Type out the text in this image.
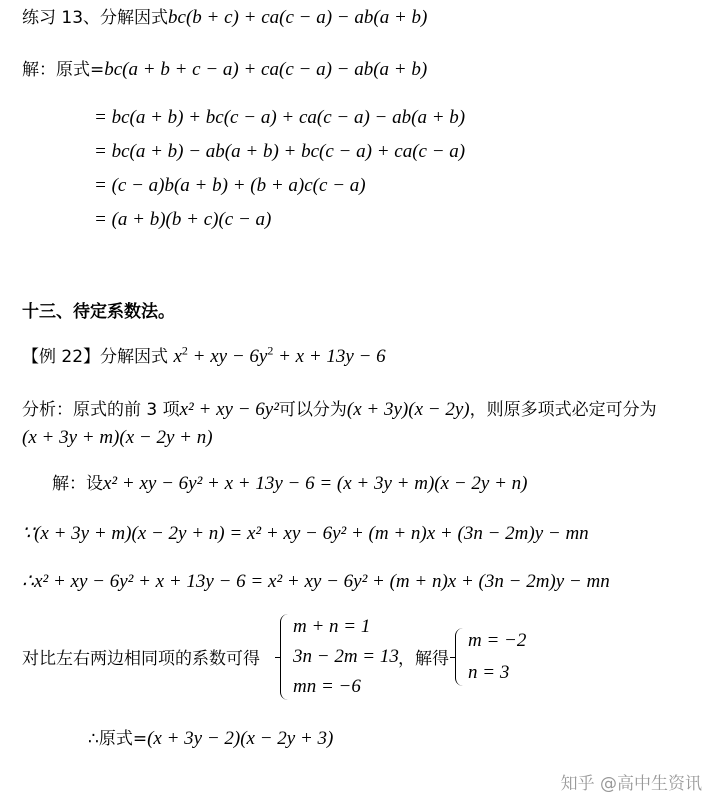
练习 13、分解因式bc(b + c) + ca(c − a) − ab(a + b)
解：原式=bc(a + b + c − a) + ca(c − a) − ab(a + b)
= bc(a + b) + bc(c − a) + ca(c − a) − ab(a + b)
= bc(a + b) − ab(a + b) + bc(c − a) + ca(c − a)
= (c − a)b(a + b) + (b + a)c(c − a)
= (a + b)(b + c)(c − a)
十三、待定系数法。
【例 22】分解因式 $x^2$ + xy − $6y^2 + x + 13y - 6$
分析：原式的前 3 项x² + xy − 6y²可以分为(x + 3y)(x − 2y)，则原多项式必定可分为
(x + 3y + m)(x − 2y + n)
解：设x² + xy − 6y² + x + 13y − 6 = (x + 3y + m)(x − 2y + n)
∵(x + 3y + m)(x − 2y + n) = x² + xy − 6y² + (m + n)x + (3n − 2m)y − mn
∴x² + xy − 6y² + x + 13y − 6 = x² + xy − 6y² + (m + n)x + (3n − 2m)y − mn
对比左右两边相同项的系数可得
m + n = 1
3n − 2m = 13
mn = −6
，解得
m = −2
n = 3
∴原式=(x + 3y − 2)(x − 2y + 3)
知乎 @高中生资讯
